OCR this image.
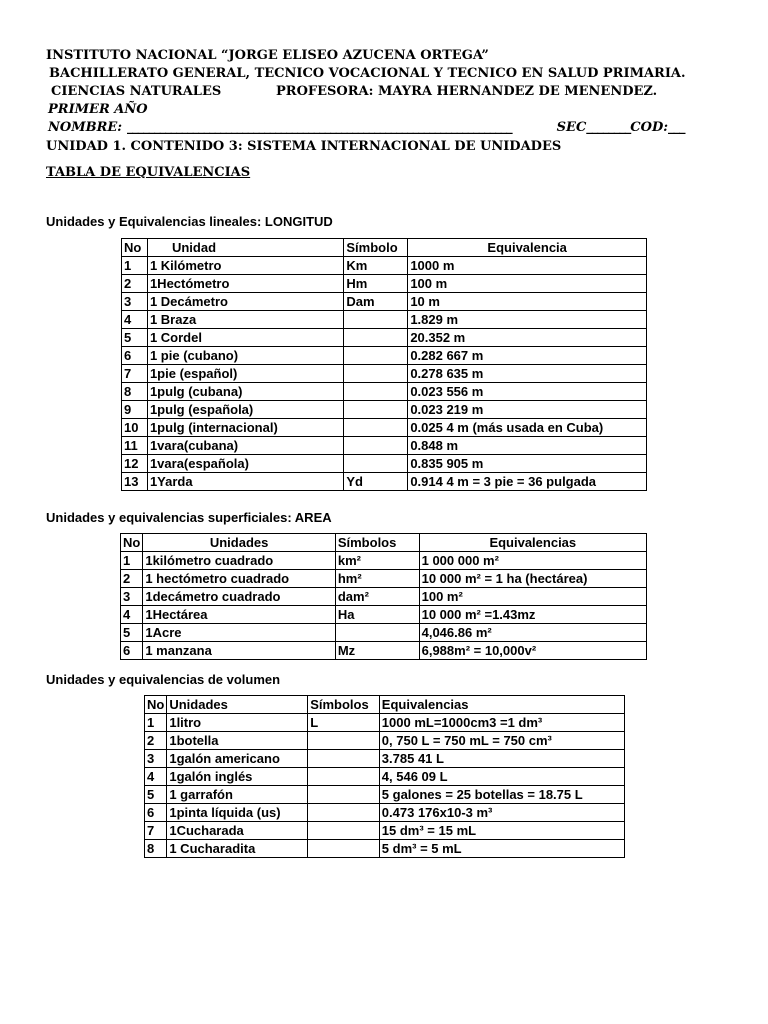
INSTITUTO NACIONAL “JORGE ELISEO AZUCENA ORTEGA”
BACHILLERATO GENERAL, TECNICO VOCACIONAL Y TECNICO EN SALUD PRIMARIA.
CIENCIAS NATURALES	PROFESORA: MAYRA HERNANDEZ DE MENENDEZ.
PRIMER AÑO
NOMBRE: ______________________________________________________________________	SEC________COD:___
UNIDAD 1. CONTENIDO 3: SISTEMA INTERNACIONAL DE UNIDADES
TABLA DE EQUIVALENCIAS
Unidades y Equivalencias lineales: LONGITUD
No	Unidad	Símbolo	Equivalencia
1	1 Kilómetro	Km	1000 m
2	1Hectómetro	Hm	100 m
3	1 Decámetro	Dam	10 m
4	1 Braza		1.829 m
5	1 Cordel		20.352 m
6	1 pie (cubano)		0.282 667 m
7	1pie (español)		0.278 635 m
8	1pulg (cubana)		0.023 556 m
9	1pulg (española)		0.023 219 m
10	1pulg (internacional)		0.025 4 m (más usada en Cuba)
11	1vara(cubana)		0.848 m
12	1vara(española)		0.835 905 m
13	1Yarda	Yd	0.914 4 m = 3 pie = 36 pulgada
Unidades y equivalencias superficiales: AREA
No	Unidades	Símbolos	Equivalencias
1	1kilómetro cuadrado	km²	1 000 000 m²
2	1 hectómetro cuadrado	hm²	10 000 m² = 1 ha (hectárea)
3	1decámetro cuadrado	dam²	100 m²
4	1Hectárea	Ha	10 000 m² =1.43mz
5	1Acre		4,046.86 m²
6	1 manzana	Mz	6,988m² = 10,000v²
Unidades y equivalencias de volumen
No	Unidades	Símbolos	Equivalencias
1	1litro	L	1000 mL=1000cm3 =1 dm³
2	1botella		0, 750 L = 750 mL = 750 cm³
3	1galón americano		3.785 41 L
4	1galón inglés		4, 546 09 L
5	1 garrafón		5 galones = 25 botellas = 18.75 L
6	1pinta líquida (us)		0.473 176x10-3 m³
7	1Cucharada		15 dm³ = 15 mL
8	1 Cucharadita		5 dm³ = 5 mL
